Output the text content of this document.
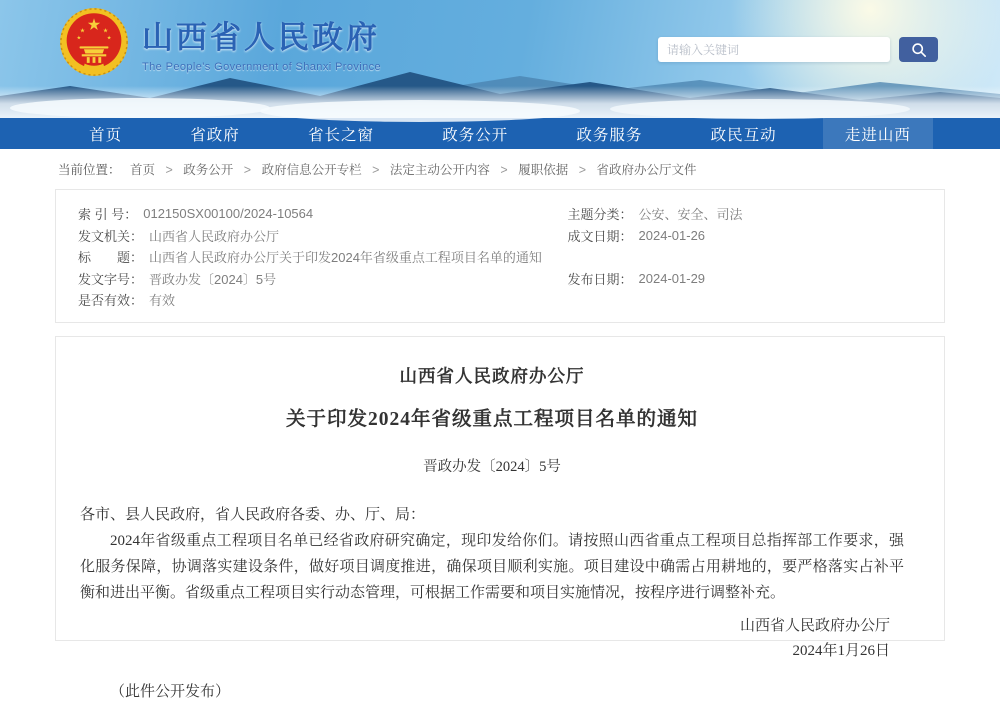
山西省人民政府
The People's Government of Shanxi Province
请输入关键词
首页	省政府	省长之窗	政务公开	政务服务	政民互动	走进山西
当前位置： 首页 > 政务公开 > 政府信息公开专栏 > 法定主动公开内容 > 履职依据 > 省政府办公厅文件
索 引 号： 012150SX00100/2024-10564	主题分类： 公安、安全、司法
发文机关： 山西省人民政府办公厅	成文日期： 2024-01-26
标　　题： 山西省人民政府办公厅关于印发2024年省级重点工程项目名单的通知
发文字号： 晋政办发〔2024〕5号	发布日期： 2024-01-29
是否有效： 有效
山西省人民政府办公厅
关于印发2024年省级重点工程项目名单的通知
晋政办发〔2024〕5号
各市、县人民政府，省人民政府各委、办、厅、局：

2024年省级重点工程项目名单已经省政府研究确定，现印发给你们。请按照山西省重点工程项目总指挥部工作要求，强化服务保障，协调落实建设条件，做好项目调度推进，确保项目顺利实施。项目建设中确需占用耕地的，要严格落实占补平衡和进出平衡。省级重点工程项目实行动态管理，可根据工作需要和项目实施情况，按程序进行调整补充。

山西省人民政府办公厅
2024年1月26日
（此件公开发布）
